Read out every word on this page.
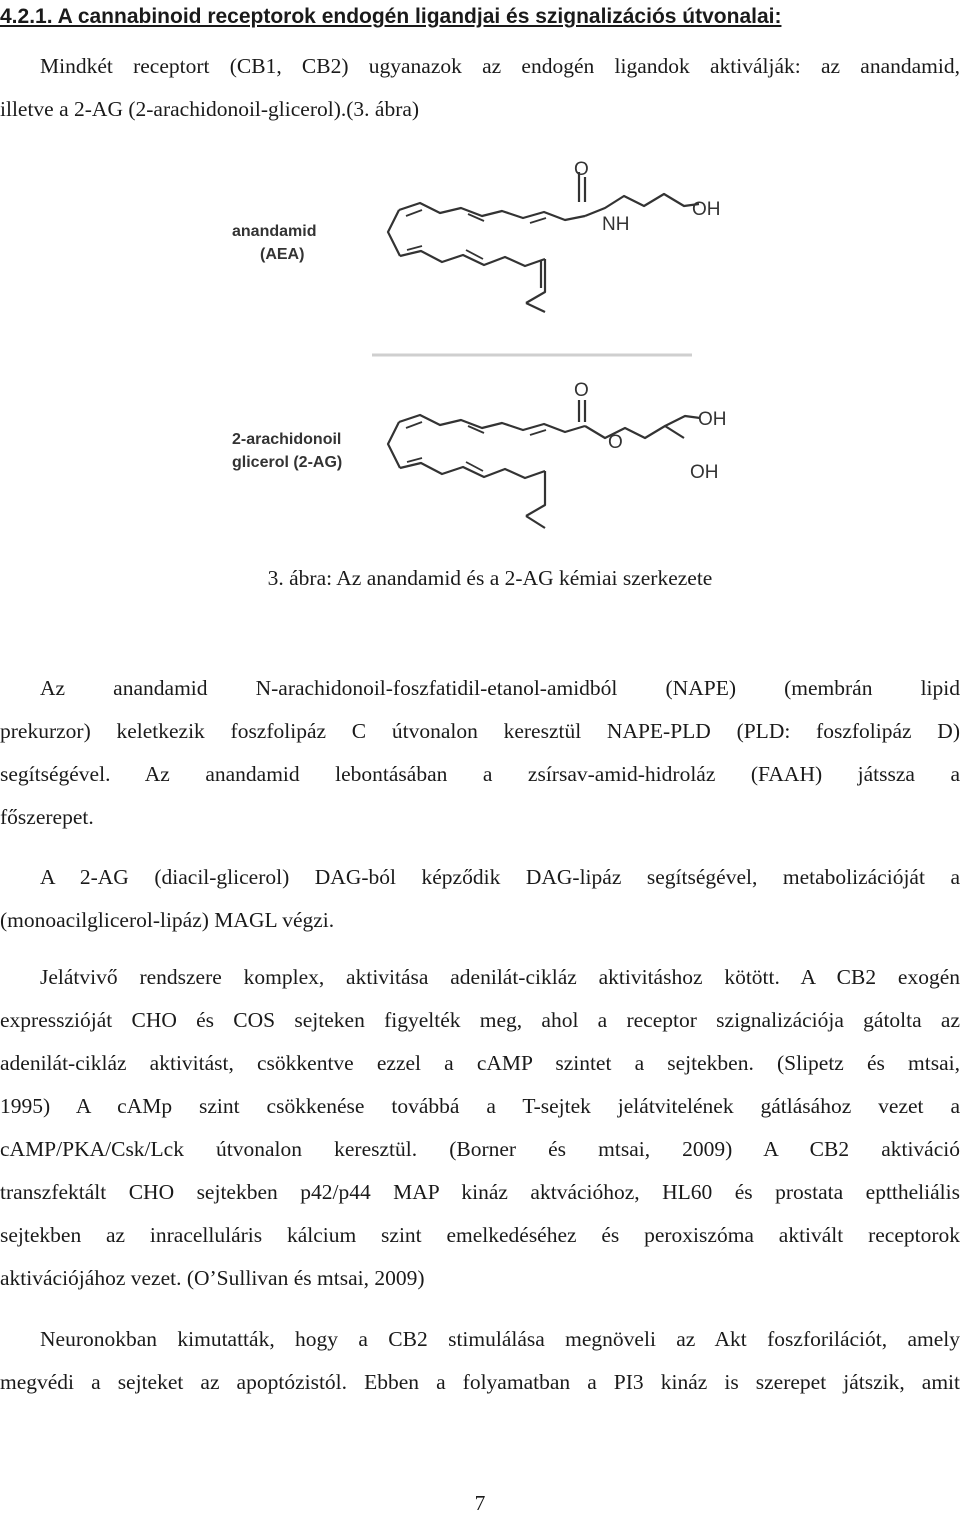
4.2.1. A cannabinoid receptorok endogén ligandjai és szignalizációs útvonalai:
Mindkét receptort (CB1, CB2) ugyanazok az endogén ligandok aktiválják: az anandamid,
illetve a 2-AG (2-arachidonoil-glicerol).(3. ábra)
anandamid
(AEA)
2-arachidonoil
glicerol (2-AG)
O
NH
OH
O
O
OH
OH
3. ábra: Az anandamid és a 2-AG kémiai szerkezete
Az anandamid N-arachidonoil-foszfatidil-etanol-amidból (NAPE) (membrán lipid
prekurzor) keletkezik foszfolipáz C útvonalon keresztül NAPE-PLD (PLD: foszfolipáz D)
segítségével. Az anandamid lebontásában a zsírsav-amid-hidroláz (FAAH) játssza a
főszerepet.
A 2-AG (diacil-glicerol) DAG-ból képződik DAG-lipáz segítségével, metabolizációját a
(monoacilglicerol-lipáz) MAGL végzi.
Jelátvivő rendszere komplex, aktivitása adenilát-cikláz aktivitáshoz kötött. A CB2 exogén
expresszióját CHO és COS sejteken figyelték meg, ahol a receptor szignalizációja gátolta az
adenilát-cikláz aktivitást, csökkentve ezzel a cAMP szintet a sejtekben. (Slipetz és mtsai,
1995) A cAMp szint csökkenése továbbá a T-sejtek jelátvitelének gátlásához vezet a
cAMP/PKA/Csk/Lck útvonalon keresztül. (Borner és mtsai, 2009) A CB2 aktiváció
transzfektált CHO sejtekben p42/p44 MAP kináz aktvációhoz, HL60 és prostata epttheliális
sejtekben az inracelluláris kálcium szint emelkedéséhez és peroxiszóma aktivált receptorok
aktivációjához vezet. (O’Sullivan és mtsai, 2009)
Neuronokban kimutatták, hogy a CB2 stimulálása megnöveli az Akt foszforilációt, amely
megvédi a sejteket az apoptózistól. Ebben a folyamatban a PI3 kináz is szerepet játszik, amit
7
